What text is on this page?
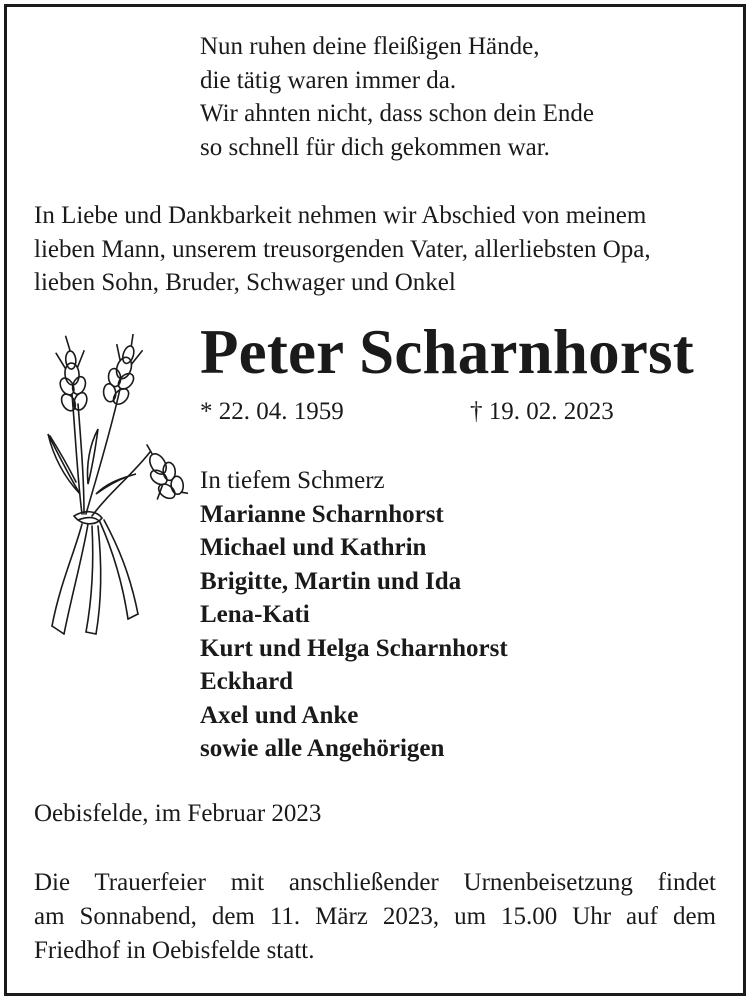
Nun ruhen deine fleißigen Hände,
die tätig waren immer da.
Wir ahnten nicht, dass schon dein Ende
so schnell für dich gekommen war.
In Liebe und Dankbarkeit nehmen wir Abschied von meinem
lieben Mann, unserem treusorgenden Vater, allerliebsten Opa,
lieben Sohn, Bruder, Schwager und Onkel
Peter Scharnhorst
* 22. 04. 1959	† 19. 02. 2023
In tiefem Schmerz
Marianne Scharnhorst
Michael und Kathrin
Brigitte, Martin und Ida
Lena-Kati
Kurt und Helga Scharnhorst
Eckhard
Axel und Anke
sowie alle Angehörigen
Oebisfelde, im Februar 2023
Die Trauerfeier mit anschließender Urnenbeisetzung findet
am Sonnabend, dem 11. März 2023, um 15.00 Uhr auf dem
Friedhof in Oebisfelde statt.
